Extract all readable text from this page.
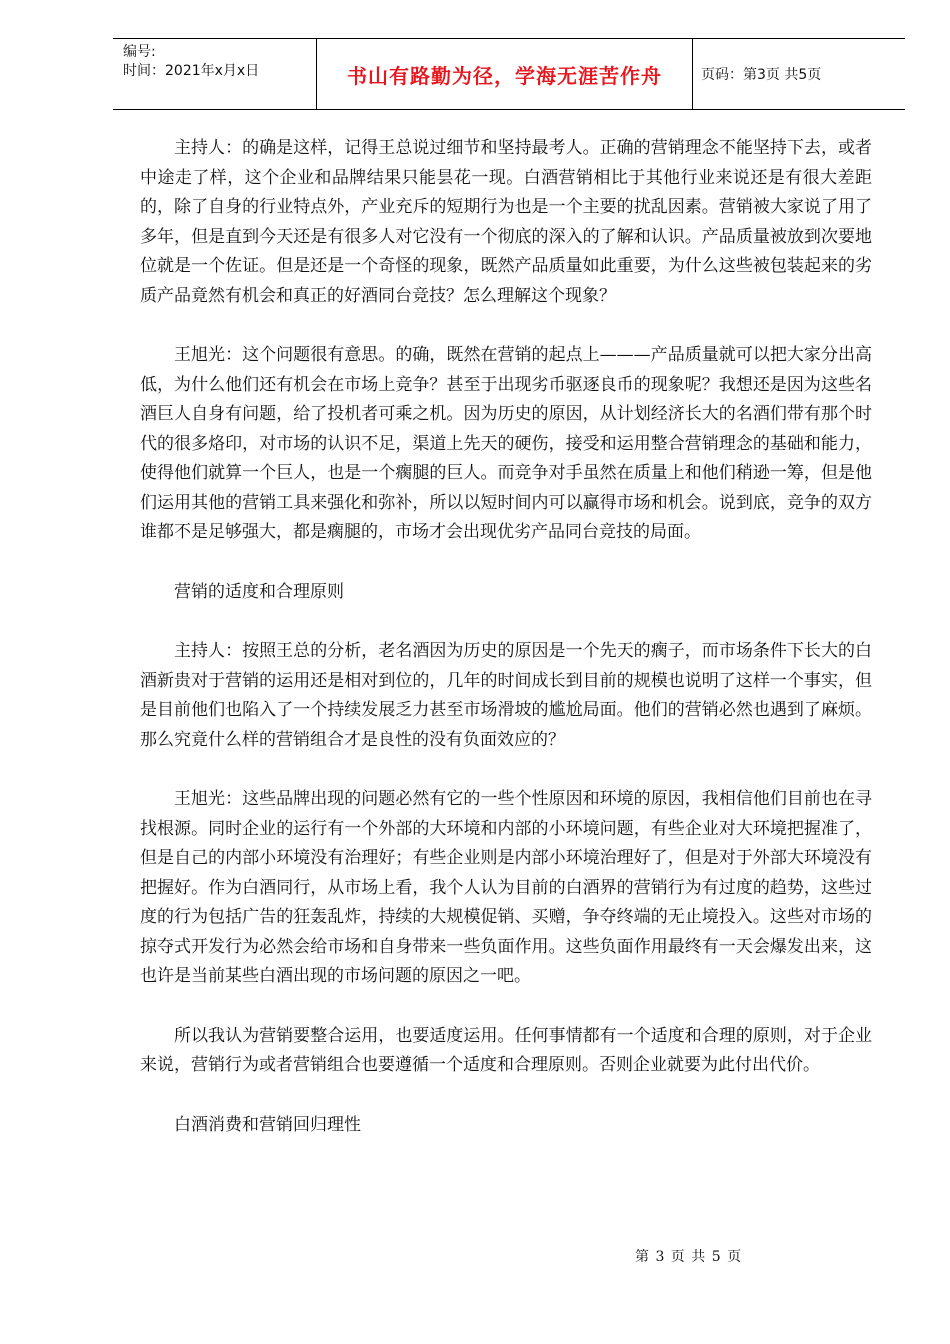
编号:
时间：2021年x月x日	书山有路勤为径，学海无涯苦作舟	页码：第3页 共5页

主持人：的确是这样，记得王总说过细节和坚持最考人。正确的营销理念不能坚持下去，或者中途走了样，这个企业和品牌结果只能昙花一现。白酒营销相比于其他行业来说还是有很大差距的，除了自身的行业特点外，产业充斥的短期行为也是一个主要的扰乱因素。营销被大家说了用了多年，但是直到今天还是有很多人对它没有一个彻底的深入的了解和认识。产品质量被放到次要地位就是一个佐证。但是还是一个奇怪的现象，既然产品质量如此重要，为什么这些被包装起来的劣质产品竟然有机会和真正的好酒同台竞技？怎么理解这个现象？

王旭光：这个问题很有意思。的确，既然在营销的起点上———产品质量就可以把大家分出高低，为什么他们还有机会在市场上竞争？甚至于出现劣币驱逐良币的现象呢？我想还是因为这些名酒巨人自身有问题，给了投机者可乘之机。因为历史的原因，从计划经济长大的名酒们带有那个时代的很多烙印，对市场的认识不足，渠道上先天的硬伤，接受和运用整合营销理念的基础和能力，使得他们就算一个巨人，也是一个瘸腿的巨人。而竞争对手虽然在质量上和他们稍逊一筹，但是他们运用其他的营销工具来强化和弥补，所以以短时间内可以赢得市场和机会。说到底，竞争的双方谁都不是足够强大，都是瘸腿的，市场才会出现优劣产品同台竞技的局面。

营销的适度和合理原则

主持人：按照王总的分析，老名酒因为历史的原因是一个先天的瘸子，而市场条件下长大的白酒新贵对于营销的运用还是相对到位的，几年的时间成长到目前的规模也说明了这样一个事实，但是目前他们也陷入了一个持续发展乏力甚至市场滑坡的尴尬局面。他们的营销必然也遇到了麻烦。那么究竟什么样的营销组合才是良性的没有负面效应的？

王旭光：这些品牌出现的问题必然有它的一些个性原因和环境的原因，我相信他们目前也在寻找根源。同时企业的运行有一个外部的大环境和内部的小环境问题，有些企业对大环境把握准了，但是自己的内部小环境没有治理好；有些企业则是内部小环境治理好了，但是对于外部大环境没有把握好。作为白酒同行，从市场上看，我个人认为目前的白酒界的营销行为有过度的趋势，这些过度的行为包括广告的狂轰乱炸，持续的大规模促销、买赠，争夺终端的无止境投入。这些对市场的掠夺式开发行为必然会给市场和自身带来一些负面作用。这些负面作用最终有一天会爆发出来，这也许是当前某些白酒出现的市场问题的原因之一吧。

所以我认为营销要整合运用，也要适度运用。任何事情都有一个适度和合理的原则，对于企业来说，营销行为或者营销组合也要遵循一个适度和合理原则。否则企业就要为此付出代价。

白酒消费和营销回归理性

第 3 页 共 5 页
